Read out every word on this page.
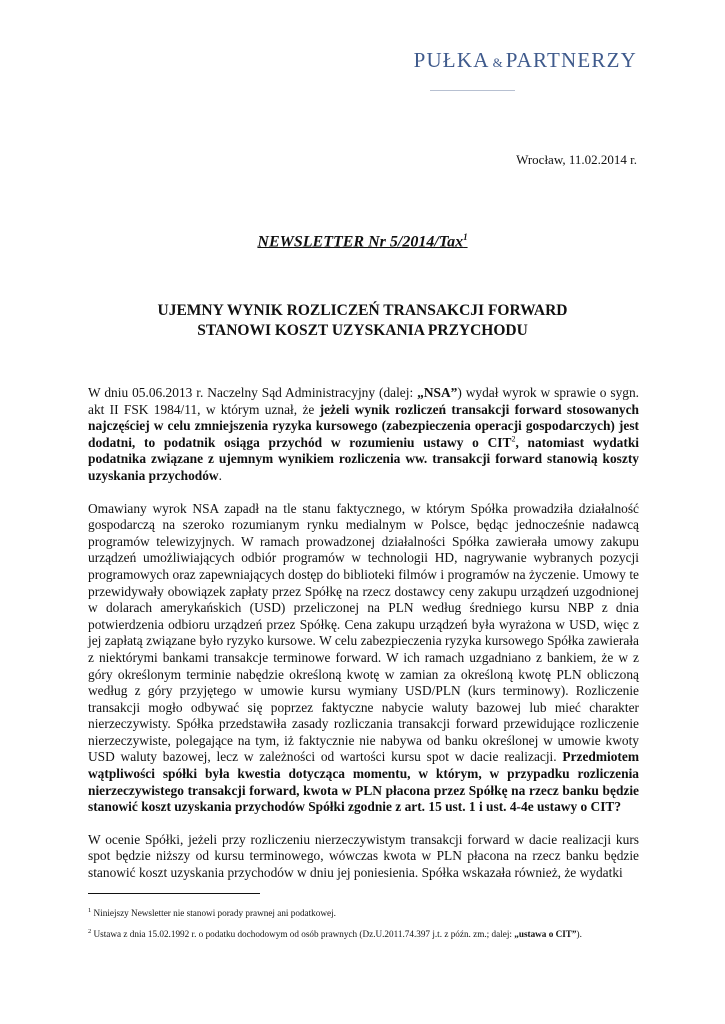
PUŁKA & PARTNERZY
Wrocław, 11.02.2014 r.
NEWSLETTER Nr 5/2014/Tax$^1$
UJEMNY WYNIK ROZLICZEŃ TRANSAKCJI FORWARD
STANOWI KOSZT UZYSKANIA PRZYCHODU

W dniu 05.06.2013 r. Naczelny Sąd Administracyjny (dalej: „NSA”) wydał wyrok w sprawie o sygn. akt II FSK 1984/11, w którym uznał, że jeżeli wynik rozliczeń transakcji forward stosowanych najczęściej w celu zmniejszenia ryzyka kursowego (zabezpieczenia operacji gospodarczych) jest dodatni, to podatnik osiąga przychód w rozumieniu ustawy o CIT$^2$, natomiast wydatki podatnika związane z ujemnym wynikiem rozliczenia ww. transakcji forward stanowią koszty uzyskania przychodów.

Omawiany wyrok NSA zapadł na tle stanu faktycznego, w którym Spółka prowadziła działalność gospodarczą na szeroko rozumianym rynku medialnym w Polsce, będąc jednocześnie nadawcą programów telewizyjnych. W ramach prowadzonej działalności Spółka zawierała umowy zakupu urządzeń umożliwiających odbiór programów w technologii HD, nagrywanie wybranych pozycji programowych oraz zapewniających dostęp do biblioteki filmów i programów na życzenie. Umowy te przewidywały obowiązek zapłaty przez Spółkę na rzecz dostawcy ceny zakupu urządzeń uzgodnionej w dolarach amerykańskich (USD) przeliczonej na PLN według średniego kursu NBP z dnia potwierdzenia odbioru urządzeń przez Spółkę. Cena zakupu urządzeń była wyrażona w USD, więc z jej zapłatą związane było ryzyko kursowe. W celu zabezpieczenia ryzyka kursowego Spółka zawierała z niektórymi bankami transakcje terminowe forward. W ich ramach uzgadniano z bankiem, że w z góry określonym terminie nabędzie określoną kwotę w zamian za określoną kwotę PLN obliczoną według z góry przyjętego w umowie kursu wymiany USD/PLN (kurs terminowy). Rozliczenie transakcji mogło odbywać się poprzez faktyczne nabycie waluty bazowej lub mieć charakter nierzeczywisty. Spółka przedstawiła zasady rozliczania transakcji forward przewidujące rozliczenie nierzeczywiste, polegające na tym, iż faktycznie nie nabywa od banku określonej w umowie kwoty USD waluty bazowej, lecz w zależności od wartości kursu spot w dacie realizacji. Przedmiotem wątpliwości spółki była kwestia dotycząca momentu, w którym, w przypadku rozliczenia nierzeczywistego transakcji forward, kwota w PLN płacona przez Spółkę na rzecz banku będzie stanowić koszt uzyskania przychodów Spółki zgodnie z art. 15 ust. 1 i ust. 4-4e ustawy o CIT?

W ocenie Spółki, jeżeli przy rozliczeniu nierzeczywistym transakcji forward w dacie realizacji kurs spot będzie niższy od kursu terminowego, wówczas kwota w PLN płacona na rzecz banku będzie stanowić koszt uzyskania przychodów w dniu jej poniesienia. Spółka wskazała również, że wydatki

$^1$ Niniejszy Newsletter nie stanowi porady prawnej ani podatkowej.

$^2$ Ustawa z dnia 15.02.1992 r. o podatku dochodowym od osób prawnych (Dz.U.2011.74.397 j.t. z późn. zm.; dalej: „ustawa o CIT”).
